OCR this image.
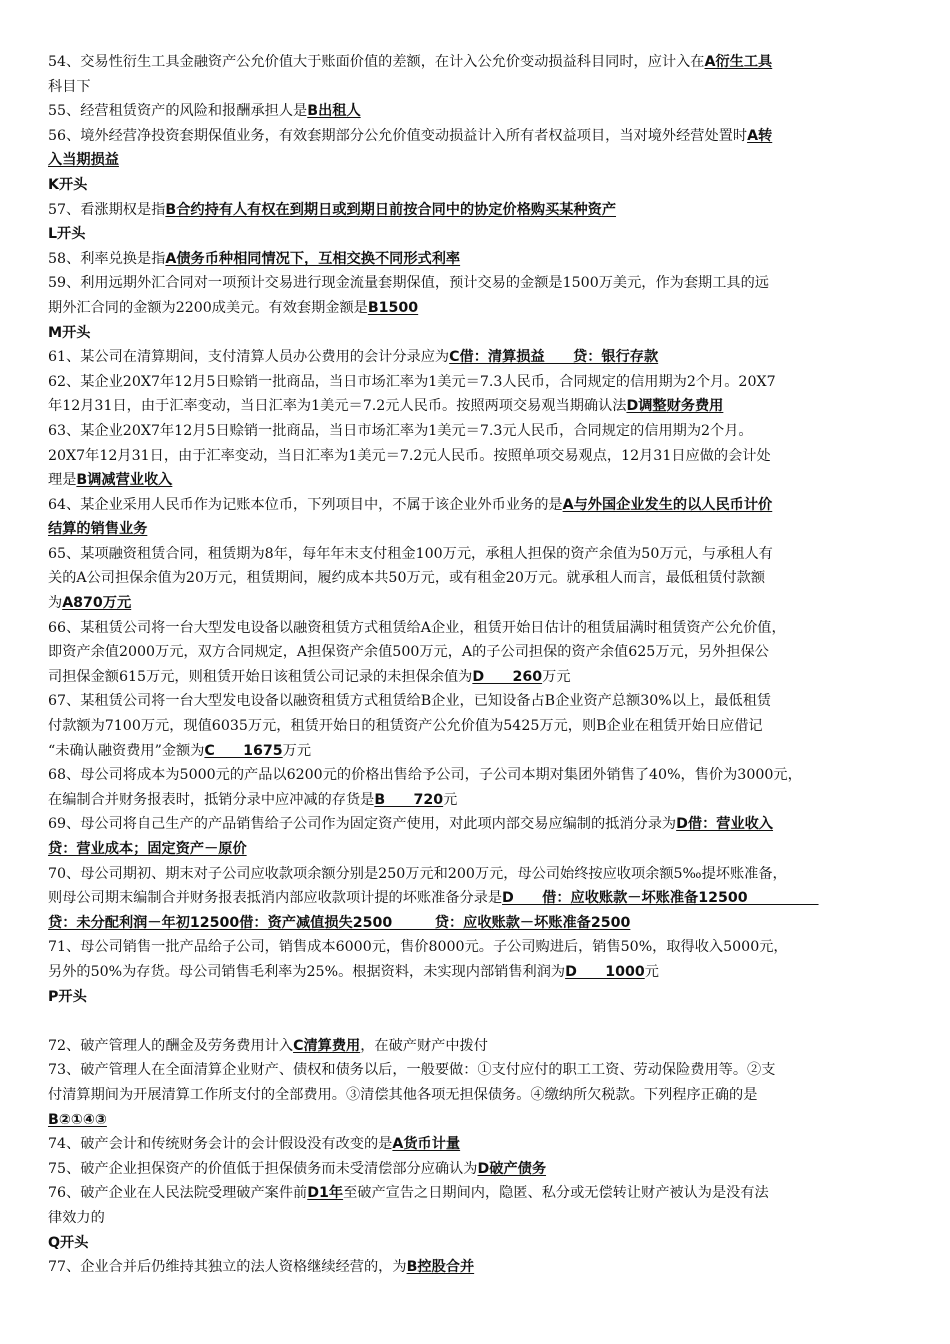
54、交易性衍生工具金融资产公允价值大于账面价值的差额，在计入公允价变动损益科目同时，应计入在A衍生工具
科目下
55、经营租赁资产的风险和报酬承担人是B出租人
56、境外经营净投资套期保值业务，有效套期部分公允价值变动损益计入所有者权益项目，当对境外经营处置时A转
入当期损益
K开头
57、看涨期权是指B合约持有人有权在到期日或到期日前按合同中的协定价格购买某种资产
L开头
58、利率兑换是指A债务币种相同情况下，互相交换不同形式利率
59、利用远期外汇合同对一项预计交易进行现金流量套期保值，预计交易的金额是1500万美元，作为套期工具的远
期外汇合同的金额为2200成美元。有效套期金额是B1500
M开头
61、某公司在清算期间，支付清算人员办公费用的会计分录应为C借：清算损益　　贷：银行存款
62、某企业20X7年12月5日赊销一批商品，当日市场汇率为1美元＝7.3人民币，合同规定的信用期为2个月。20X7
年12月31日，由于汇率变动，当日汇率为1美元＝7.2元人民币。按照两项交易观当期确认法D调整财务费用
63、某企业20X7年12月5日赊销一批商品，当日市场汇率为1美元＝7.3元人民币，合同规定的信用期为2个月。
20X7年12月31日，由于汇率变动，当日汇率为1美元＝7.2元人民币。按照单项交易观点，12月31日应做的会计处
理是B调减营业收入
64、某企业采用人民币作为记账本位币，下列项目中，不属于该企业外币业务的是A与外国企业发生的以人民币计价
结算的销售业务
65、某项融资租赁合同，租赁期为8年，每年年末支付租金100万元，承租人担保的资产余值为50万元，与承租人有
关的A公司担保余值为20万元，租赁期间，履约成本共50万元，或有租金20万元。就承租人而言，最低租赁付款额
为A870万元
66、某租赁公司将一台大型发电设备以融资租赁方式租赁给A企业，租赁开始日估计的租赁届满时租赁资产公允价值，
即资产余值2000万元，双方合同规定，A担保资产余值500万元，A的子公司担保的资产余值625万元，另外担保公
司担保金额615万元，则租赁开始日该租赁公司记录的未担保余值为D　　260万元
67、某租赁公司将一台大型发电设备以融资租赁方式租赁给B企业，已知设备占B企业资产总额30%以上，最低租赁
付款额为7100万元，现值6035万元，租赁开始日的租赁资产公允价值为5425万元，则B企业在租赁开始日应借记
“未确认融资费用”金额为C　　1675万元
68、母公司将成本为5000元的产品以6200元的价格出售给予公司，子公司本期对集团外销售了40%，售价为3000元，
在编制合并财务报表时，抵销分录中应冲减的存货是B　　720元
69、母公司将自己生产的产品销售给子公司作为固定资产使用，对此项内部交易应编制的抵消分录为D借：营业收入
贷：营业成本；固定资产－原价
70、母公司期初、期末对子公司应收款项余额分别是250万元和200万元，母公司始终按应收项余额5‰提坏账准备，
则母公司期末编制合并财务报表抵消内部应收款项计提的坏账准备分录是D　　借：应收账款－坏账准备12500　　　　　
贷：未分配利润－年初12500借：资产减值损失2500　　　贷：应收账款－坏账准备2500
71、母公司销售一批产品给子公司，销售成本6000元，售价8000元。子公司购进后，销售50%，取得收入5000元，
另外的50%为存货。母公司销售毛利率为25%。根据资料，未实现内部销售利润为D　　1000元
P开头
72、破产管理人的酬金及劳务费用计入C清算费用，在破产财产中拨付
73、破产管理人在全面清算企业财产、债权和债务以后，一般要做：①支付应付的职工工资、劳动保险费用等。②支
付清算期间为开展清算工作所支付的全部费用。③清偿其他各项无担保债务。④缴纳所欠税款。下列程序正确的是
B②①④③
74、破产会计和传统财务会计的会计假设没有改变的是A货币计量
75、破产企业担保资产的价值低于担保债务而未受清偿部分应确认为D破产债务
76、破产企业在人民法院受理破产案件前D1年至破产宣告之日期间内，隐匿、私分或无偿转让财产被认为是没有法
律效力的
Q开头
77、企业合并后仍维持其独立的法人资格继续经营的，为B控股合并
